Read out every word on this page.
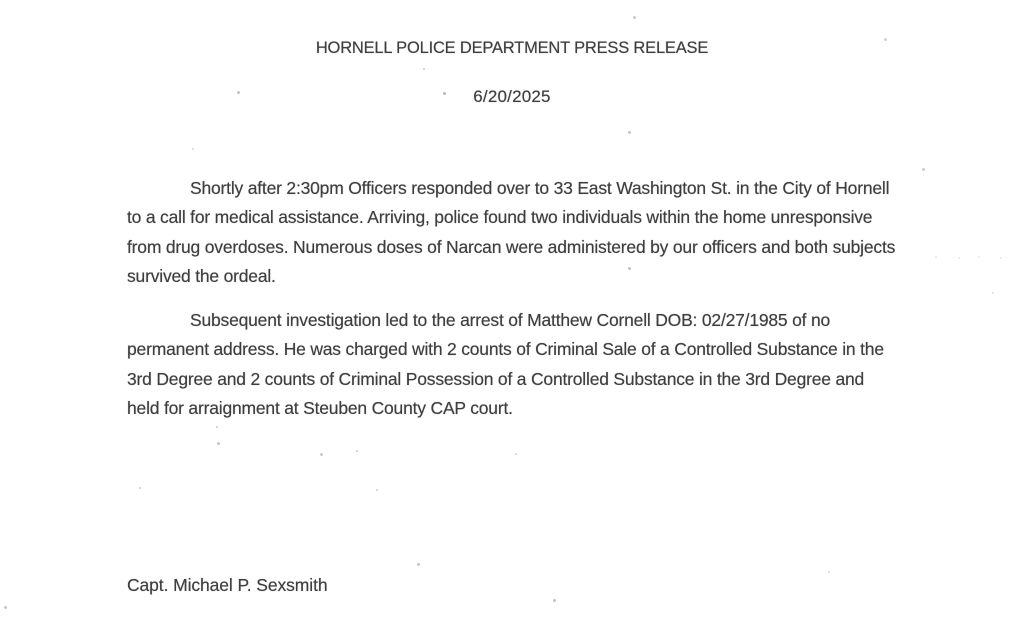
HORNELL POLICE DEPARTMENT PRESS RELEASE
6/20/2025

Shortly after 2:30pm Officers responded over to 33 East Washington St. in the City of Hornell to a call for medical assistance. Arriving, police found two individuals within the home unresponsive from drug overdoses. Numerous doses of Narcan were administered by our officers and both subjects survived the ordeal.

Subsequent investigation led to the arrest of Matthew Cornell DOB: 02/27/1985 of no permanent address. He was charged with 2 counts of Criminal Sale of a Controlled Substance in the 3rd Degree and 2 counts of Criminal Possession of a Controlled Substance in the 3rd Degree and held for arraignment at Steuben County CAP court.

Capt. Michael P. Sexsmith
